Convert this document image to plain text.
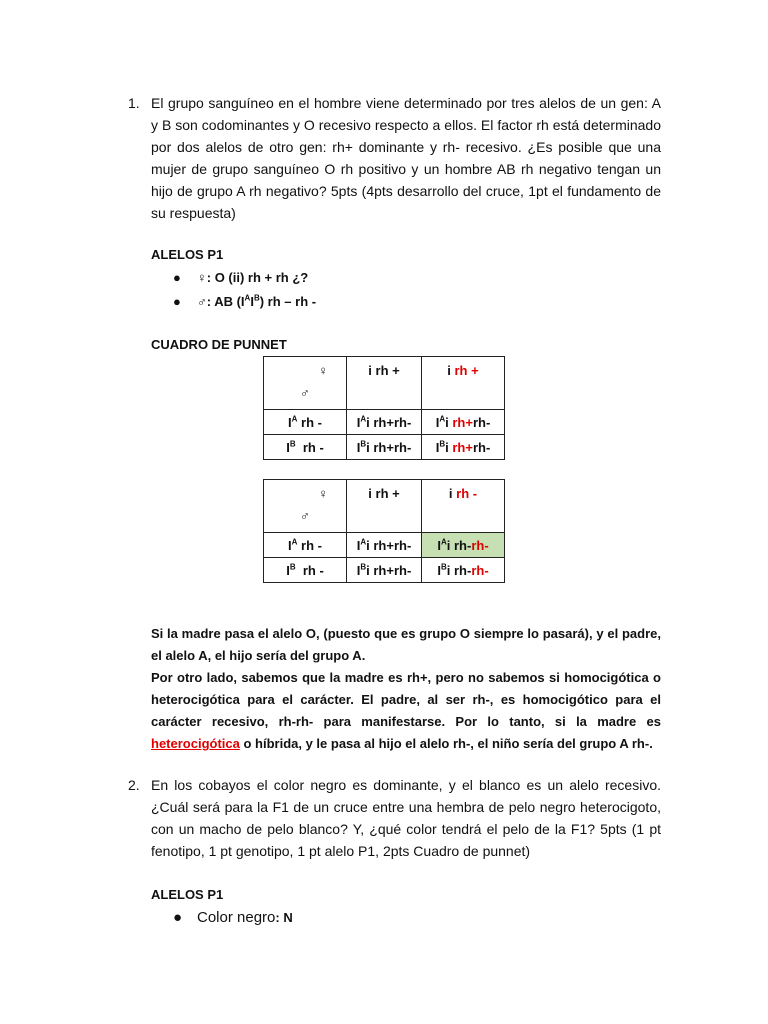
1. El grupo sanguíneo en el hombre viene determinado por tres alelos de un gen: A y B son codominantes y O recesivo respecto a ellos. El factor rh está determinado por dos alelos de otro gen: rh+ dominante y rh- recesivo. ¿Es posible que una mujer de grupo sanguíneo O rh positivo y un hombre AB rh negativo tengan un hijo de grupo A rh negativo? 5pts (4pts desarrollo del cruce, 1pt el fundamento de su respuesta)
ALELOS P1
● ♀: O (ii) rh + rh ¿?
● ♂: AB $(I^AI^B)$ rh – rh -
CUADRO DE PUNNET
♀
♂	i rh +	i rh +
$I^A$ rh -	$I^Ai$ rh+rh-	$I^Ai$ rh+rh-
$I^B$ rh -	$I^Bi$ rh+rh-	$I^Bi$ rh+rh-
♀
♂	i rh +	i rh -
$I^A$ rh -	$I^Ai$ rh+rh-	$I^Ai$ rh-rh-
$I^B$ rh -	$I^Bi$ rh+rh-	$I^Bi$ rh-rh-
Si la madre pasa el alelo O, (puesto que es grupo O siempre lo pasará), y el padre, el alelo A, el hijo sería del grupo A.
Por otro lado, sabemos que la madre es rh+, pero no sabemos si homocigótica o heterocigótica para el carácter. El padre, al ser rh-, es homocigótico para el carácter recesivo, rh-rh- para manifestarse. Por lo tanto, si la madre es heterocigótica o híbrida, y le pasa al hijo el alelo rh-, el niño sería del grupo A rh-.
2. En los cobayos el color negro es dominante, y el blanco es un alelo recesivo. ¿Cuál será para la F1 de un cruce entre una hembra de pelo negro heterocigoto, con un macho de pelo blanco? Y, ¿qué color tendrá el pelo de la F1? 5pts (1 pt fenotipo, 1 pt genotipo, 1 pt alelo P1, 2pts Cuadro de punnet)
ALELOS P1
● Color negro: N
